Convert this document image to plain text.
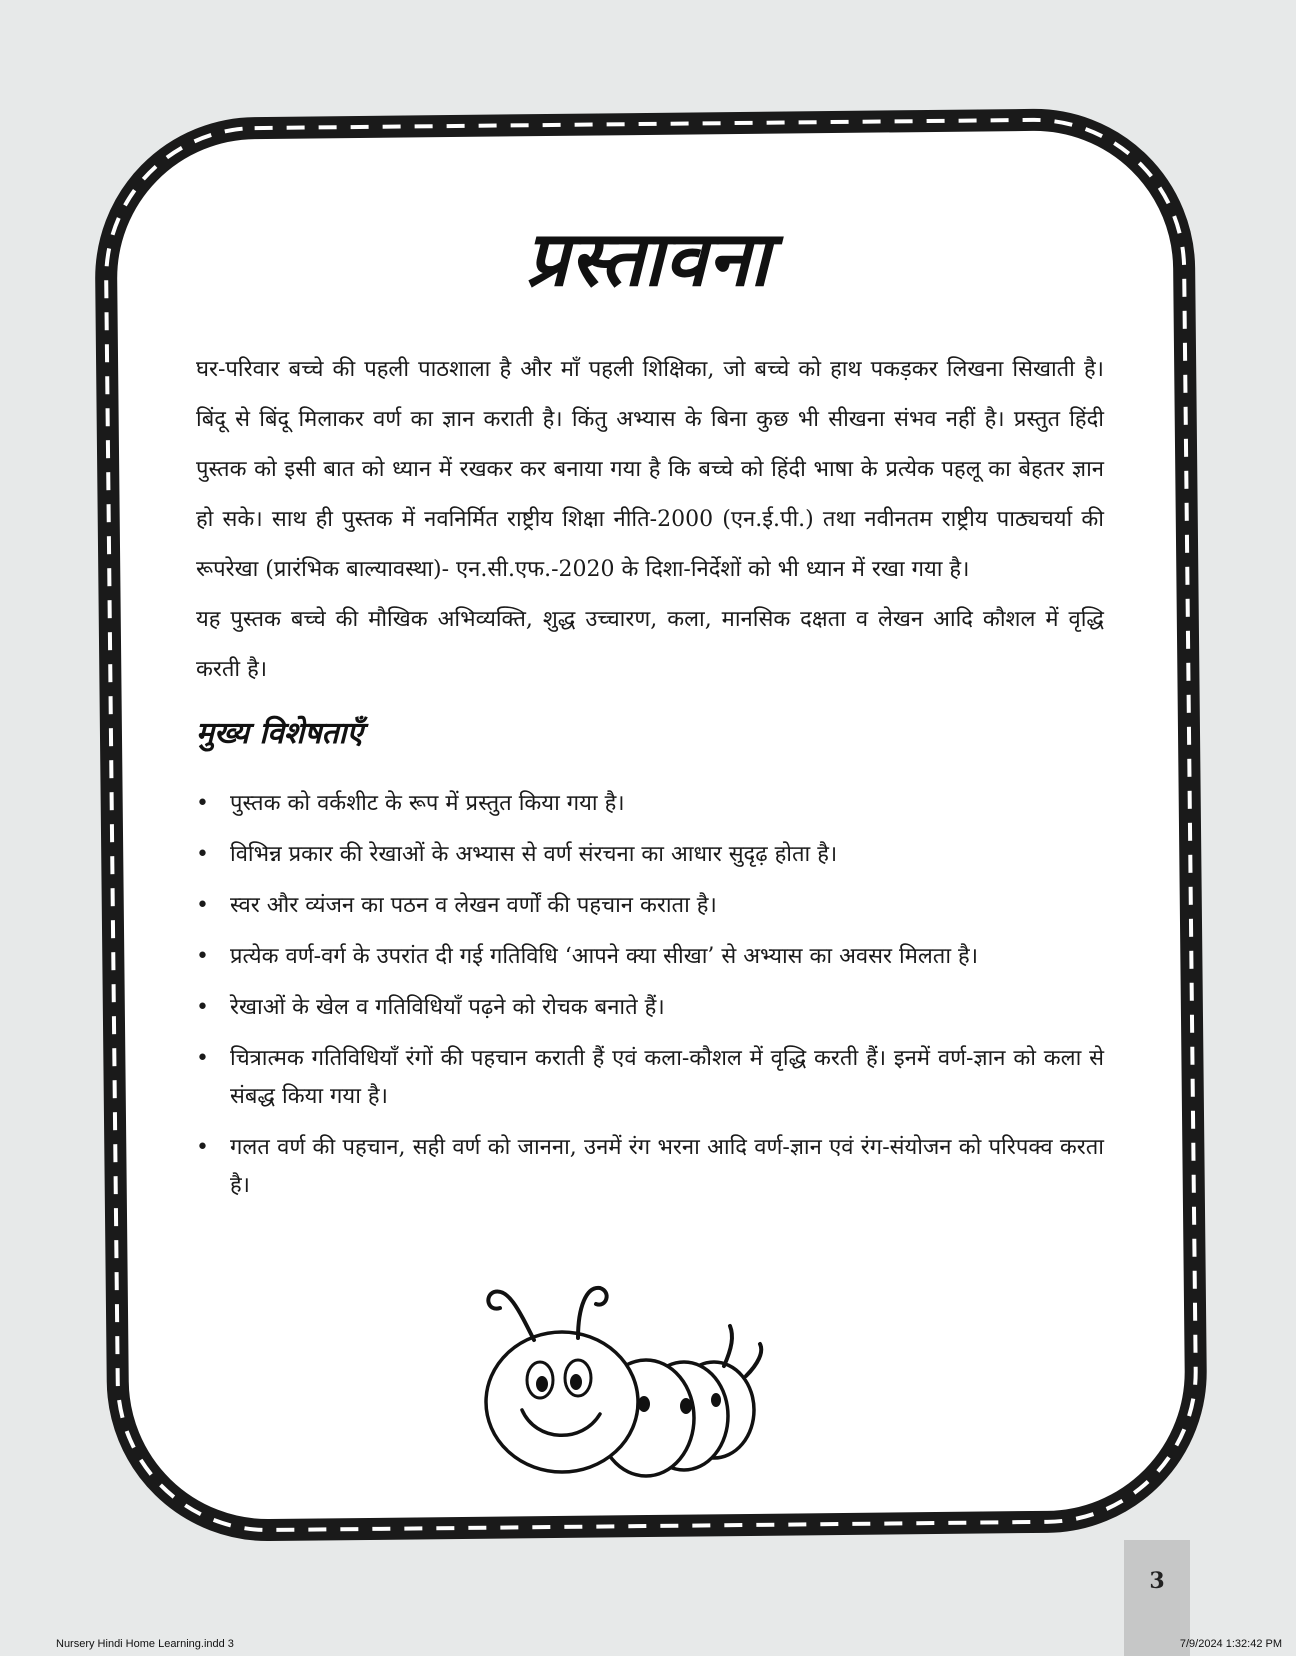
प्रस्तावना

घर-परिवार बच्चे की पहली पाठशाला है और माँ पहली शिक्षिका, जो बच्चे को हाथ पकड़कर लिखना सिखाती है। बिंदू से बिंदू मिलाकर वर्ण का ज्ञान कराती है। किंतु अभ्यास के बिना कुछ भी सीखना संभव नहीं है। प्रस्तुत हिंदी पुस्तक को इसी बात को ध्यान में रखकर कर बनाया गया है कि बच्चे को हिंदी भाषा के प्रत्येक पहलू का बेहतर ज्ञान हो सके। साथ ही पुस्तक में नवनिर्मित राष्ट्रीय शिक्षा नीति-2000 (एन.ई.पी.) तथा नवीनतम राष्ट्रीय पाठ्यचर्या की रूपरेखा (प्रारंभिक बाल्यावस्था)- एन.सी.एफ.-2020 के दिशा-निर्देशों को भी ध्यान में रखा गया है।

यह पुस्तक बच्चे की मौखिक अभिव्यक्ति, शुद्ध उच्चारण, कला, मानसिक दक्षता व लेखन आदि कौशल में वृद्धि करती है।

मुख्य विशेषताएँ
• पुस्तक को वर्कशीट के रूप में प्रस्तुत किया गया है।
• विभिन्न प्रकार की रेखाओं के अभ्यास से वर्ण संरचना का आधार सुदृढ़ होता है।
• स्वर और व्यंजन का पठन व लेखन वर्णों की पहचान कराता है।
• प्रत्येक वर्ण-वर्ग के उपरांत दी गई गतिविधि ‘आपने क्या सीखा’ से अभ्यास का अवसर मिलता है।
• रेखाओं के खेल व गतिविधियाँ पढ़ने को रोचक बनाते हैं।
• चित्रात्मक गतिविधियाँ रंगों की पहचान कराती हैं एवं कला-कौशल में वृद्धि करती हैं। इनमें वर्ण-ज्ञान को कला से संबद्ध किया गया है।
• गलत वर्ण की पहचान, सही वर्ण को जानना, उनमें रंग भरना आदि वर्ण-ज्ञान एवं रंग-संयोजन को परिपक्व करता है।
3
Nursery Hindi Home Learning.indd 3	7/9/2024 1:32:42 PM
